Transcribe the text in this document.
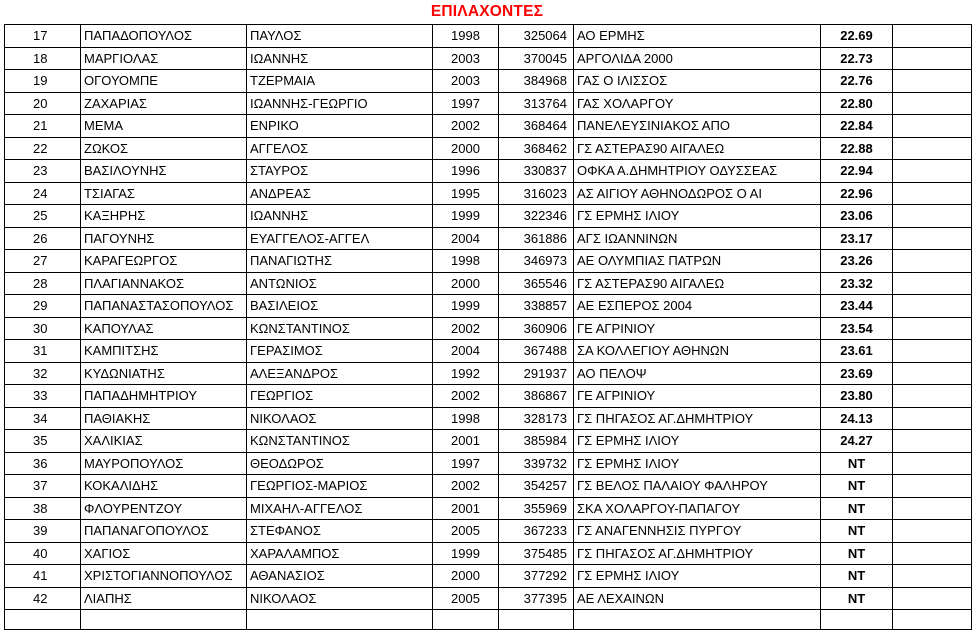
ΕΠΙΛΑΧΟΝΤΕΣ
17	ΠΑΠΑΔΟΠΟΥΛΟΣ	ΠΑΥΛΟΣ	1998	325064	ΑΟ ΕΡΜΗΣ	22.69	
18	ΜΑΡΓΙΟΛΑΣ	ΙΩΑΝΝΗΣ	2003	370045	ΑΡΓΟΛΙΔΑ 2000	22.73	
19	ΟΓΟΥΟΜΠΕ	ΤΖΕΡΜΑΙΑ	2003	384968	ΓΑΣ Ο ΙΛΙΣΣΟΣ	22.76	
20	ΖΑΧΑΡΙΑΣ	ΙΩΑΝΝΗΣ-ΓΕΩΡΓΙΟ	1997	313764	ΓΑΣ ΧΟΛΑΡΓΟΥ	22.80	
21	ΜΕΜΑ	ΕΝΡΙΚΟ	2002	368464	ΠΑΝΕΛΕΥΣΙΝΙΑΚΟΣ ΑΠΟ	22.84	
22	ΖΩΚΟΣ	ΑΓΓΕΛΟΣ	2000	368462	ΓΣ ΑΣΤΕΡΑΣ90 ΑΙΓΑΛΕΩ	22.88	
23	ΒΑΣΙΛΟΥΝΗΣ	ΣΤΑΥΡΟΣ	1996	330837	ΟΦΚΑ Α.ΔΗΜΗΤΡΙΟΥ ΟΔΥΣΣΕΑΣ	22.94	
24	ΤΣΙΑΓΑΣ	ΑΝΔΡΕΑΣ	1995	316023	ΑΣ ΑΙΓΙΟΥ ΑΘΗΝΟΔΩΡΟΣ Ο ΑΙ	22.96	
25	ΚΑΞΗΡΗΣ	ΙΩΑΝΝΗΣ	1999	322346	ΓΣ ΕΡΜΗΣ ΙΛΙΟΥ	23.06	
26	ΠΑΓΟΥΝΗΣ	ΕΥΑΓΓΕΛΟΣ-ΑΓΓΕΛ	2004	361886	ΑΓΣ ΙΩΑΝΝΙΝΩΝ	23.17	
27	ΚΑΡΑΓΕΩΡΓΟΣ	ΠΑΝΑΓΙΩΤΗΣ	1998	346973	ΑΕ ΟΛΥΜΠΙΑΣ ΠΑΤΡΩΝ	23.26	
28	ΠΛΑΓΙΑΝΝΑΚΟΣ	ΑΝΤΩΝΙΟΣ	2000	365546	ΓΣ ΑΣΤΕΡΑΣ90 ΑΙΓΑΛΕΩ	23.32	
29	ΠΑΠΑΝΑΣΤΑΣΟΠΟΥΛΟΣ	ΒΑΣΙΛΕΙΟΣ	1999	338857	ΑΕ ΕΣΠΕΡΟΣ 2004	23.44	
30	ΚΑΠΟΥΛΑΣ	ΚΩΝΣΤΑΝΤΙΝΟΣ	2002	360906	ΓΕ ΑΓΡΙΝΙΟΥ	23.54	
31	ΚΑΜΠΙΤΣΗΣ	ΓΕΡΑΣΙΜΟΣ	2004	367488	ΣΑ ΚΟΛΛΕΓΙΟΥ ΑΘΗΝΩΝ	23.61	
32	ΚΥΔΩΝΙΑΤΗΣ	ΑΛΕΞΑΝΔΡΟΣ	1992	291937	ΑΟ ΠΕΛΟΨ	23.69	
33	ΠΑΠΑΔΗΜΗΤΡΙΟΥ	ΓΕΩΡΓΙΟΣ	2002	386867	ΓΕ ΑΓΡΙΝΙΟΥ	23.80	
34	ΠΑΘΙΑΚΗΣ	ΝΙΚΟΛΑΟΣ	1998	328173	ΓΣ ΠΗΓΑΣΟΣ ΑΓ.ΔΗΜΗΤΡΙΟΥ	24.13	
35	ΧΑΛΙΚΙΑΣ	ΚΩΝΣΤΑΝΤΙΝΟΣ	2001	385984	ΓΣ ΕΡΜΗΣ ΙΛΙΟΥ	24.27	
36	ΜΑΥΡΟΠΟΥΛΟΣ	ΘΕΟΔΩΡΟΣ	1997	339732	ΓΣ ΕΡΜΗΣ ΙΛΙΟΥ	NT	
37	ΚΟΚΑΛΙΔΗΣ	ΓΕΩΡΓΙΟΣ-ΜΑΡΙΟΣ	2002	354257	ΓΣ ΒΕΛΟΣ ΠΑΛΑΙΟΥ ΦΑΛΗΡΟΥ	NT	
38	ΦΛΟΥΡΕΝΤΖΟΥ	ΜΙΧΑΗΛ-ΑΓΓΕΛΟΣ	2001	355969	ΣΚΑ ΧΟΛΑΡΓΟΥ-ΠΑΠΑΓΟΥ	NT	
39	ΠΑΠΑΝΑΓΟΠΟΥΛΟΣ	ΣΤΕΦΑΝΟΣ	2005	367233	ΓΣ ΑΝΑΓΕΝΝΗΣΙΣ ΠΥΡΓΟΥ	NT	
40	ΧΑΓΙΟΣ	ΧΑΡΑΛΑΜΠΟΣ	1999	375485	ΓΣ ΠΗΓΑΣΟΣ ΑΓ.ΔΗΜΗΤΡΙΟΥ	NT	
41	ΧΡΙΣΤΟΓΙΑΝΝΟΠΟΥΛΟΣ	ΑΘΑΝΑΣΙΟΣ	2000	377292	ΓΣ ΕΡΜΗΣ ΙΛΙΟΥ	NT	
42	ΛΙΑΠΗΣ	ΝΙΚΟΛΑΟΣ	2005	377395	ΑΕ ΛΕΧΑΙΝΩΝ	NT	
